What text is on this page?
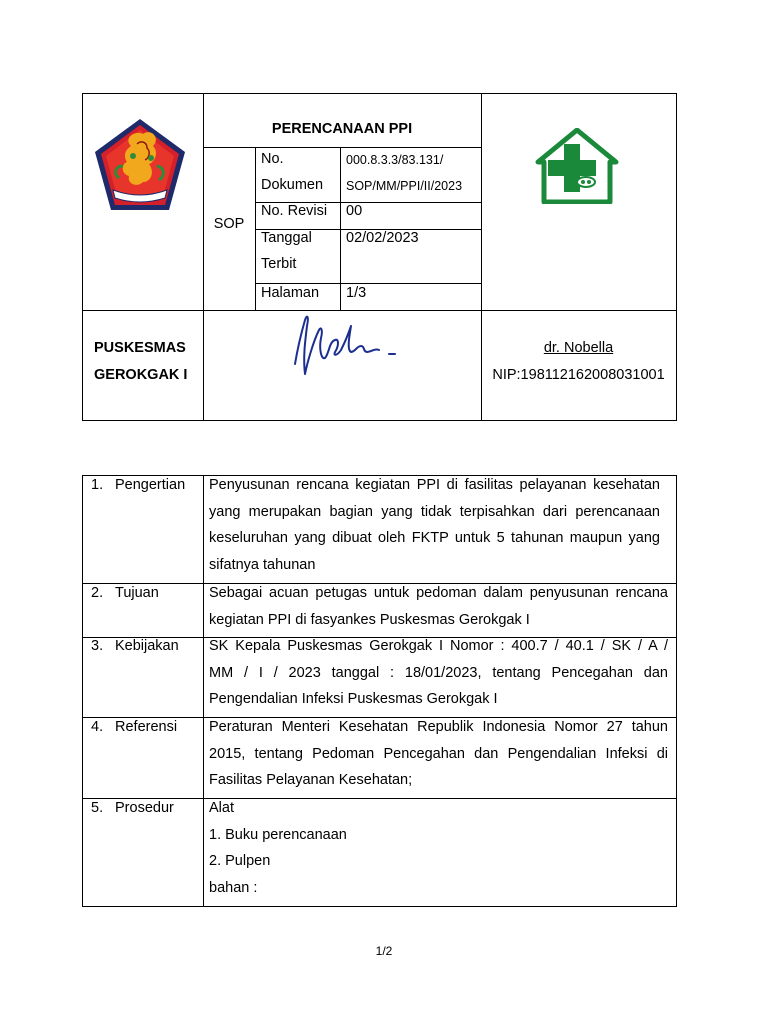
PERENCANAAN PPI
SOP
No.
Dokumen
000.8.3.3/83.131/
SOP/MM/PPI/II/2023
No. Revisi 00
Tanggal
Terbit
02/02/2023
Halaman 1/3
PUSKESMAS
GEROKGAK I
dr. Nobella
NIP:198112162008031001
1. Pengertian Penyusunan rencana kegiatan PPI di fasilitas pelayanan kesehatan
yang merupakan bagian yang tidak terpisahkan dari perencanaan
keseluruhan yang dibuat oleh FKTP untuk 5 tahunan maupun yang
sifatnya tahunan
2. Tujuan	Sebagai acuan petugas untuk pedoman dalam penyusunan rencana
kegiatan PPI di fasyankes Puskesmas Gerokgak I
3. Kebijakan SK Kepala Puskesmas Gerokgak I Nomor : 400.7 / 40.1 / SK / A /
MM / I / 2023 tanggal : 18/01/2023, tentang Pencegahan dan
Pengendalian Infeksi Puskesmas Gerokgak I
4. Referensi Peraturan Menteri Kesehatan Republik Indonesia Nomor 27 tahun
2015, tentang Pedoman Pencegahan dan Pengendalian Infeksi di
Fasilitas Pelayanan Kesehatan;
5. Prosedur Alat
1. Buku perencanaan
2. Pulpen
bahan :
1/2
